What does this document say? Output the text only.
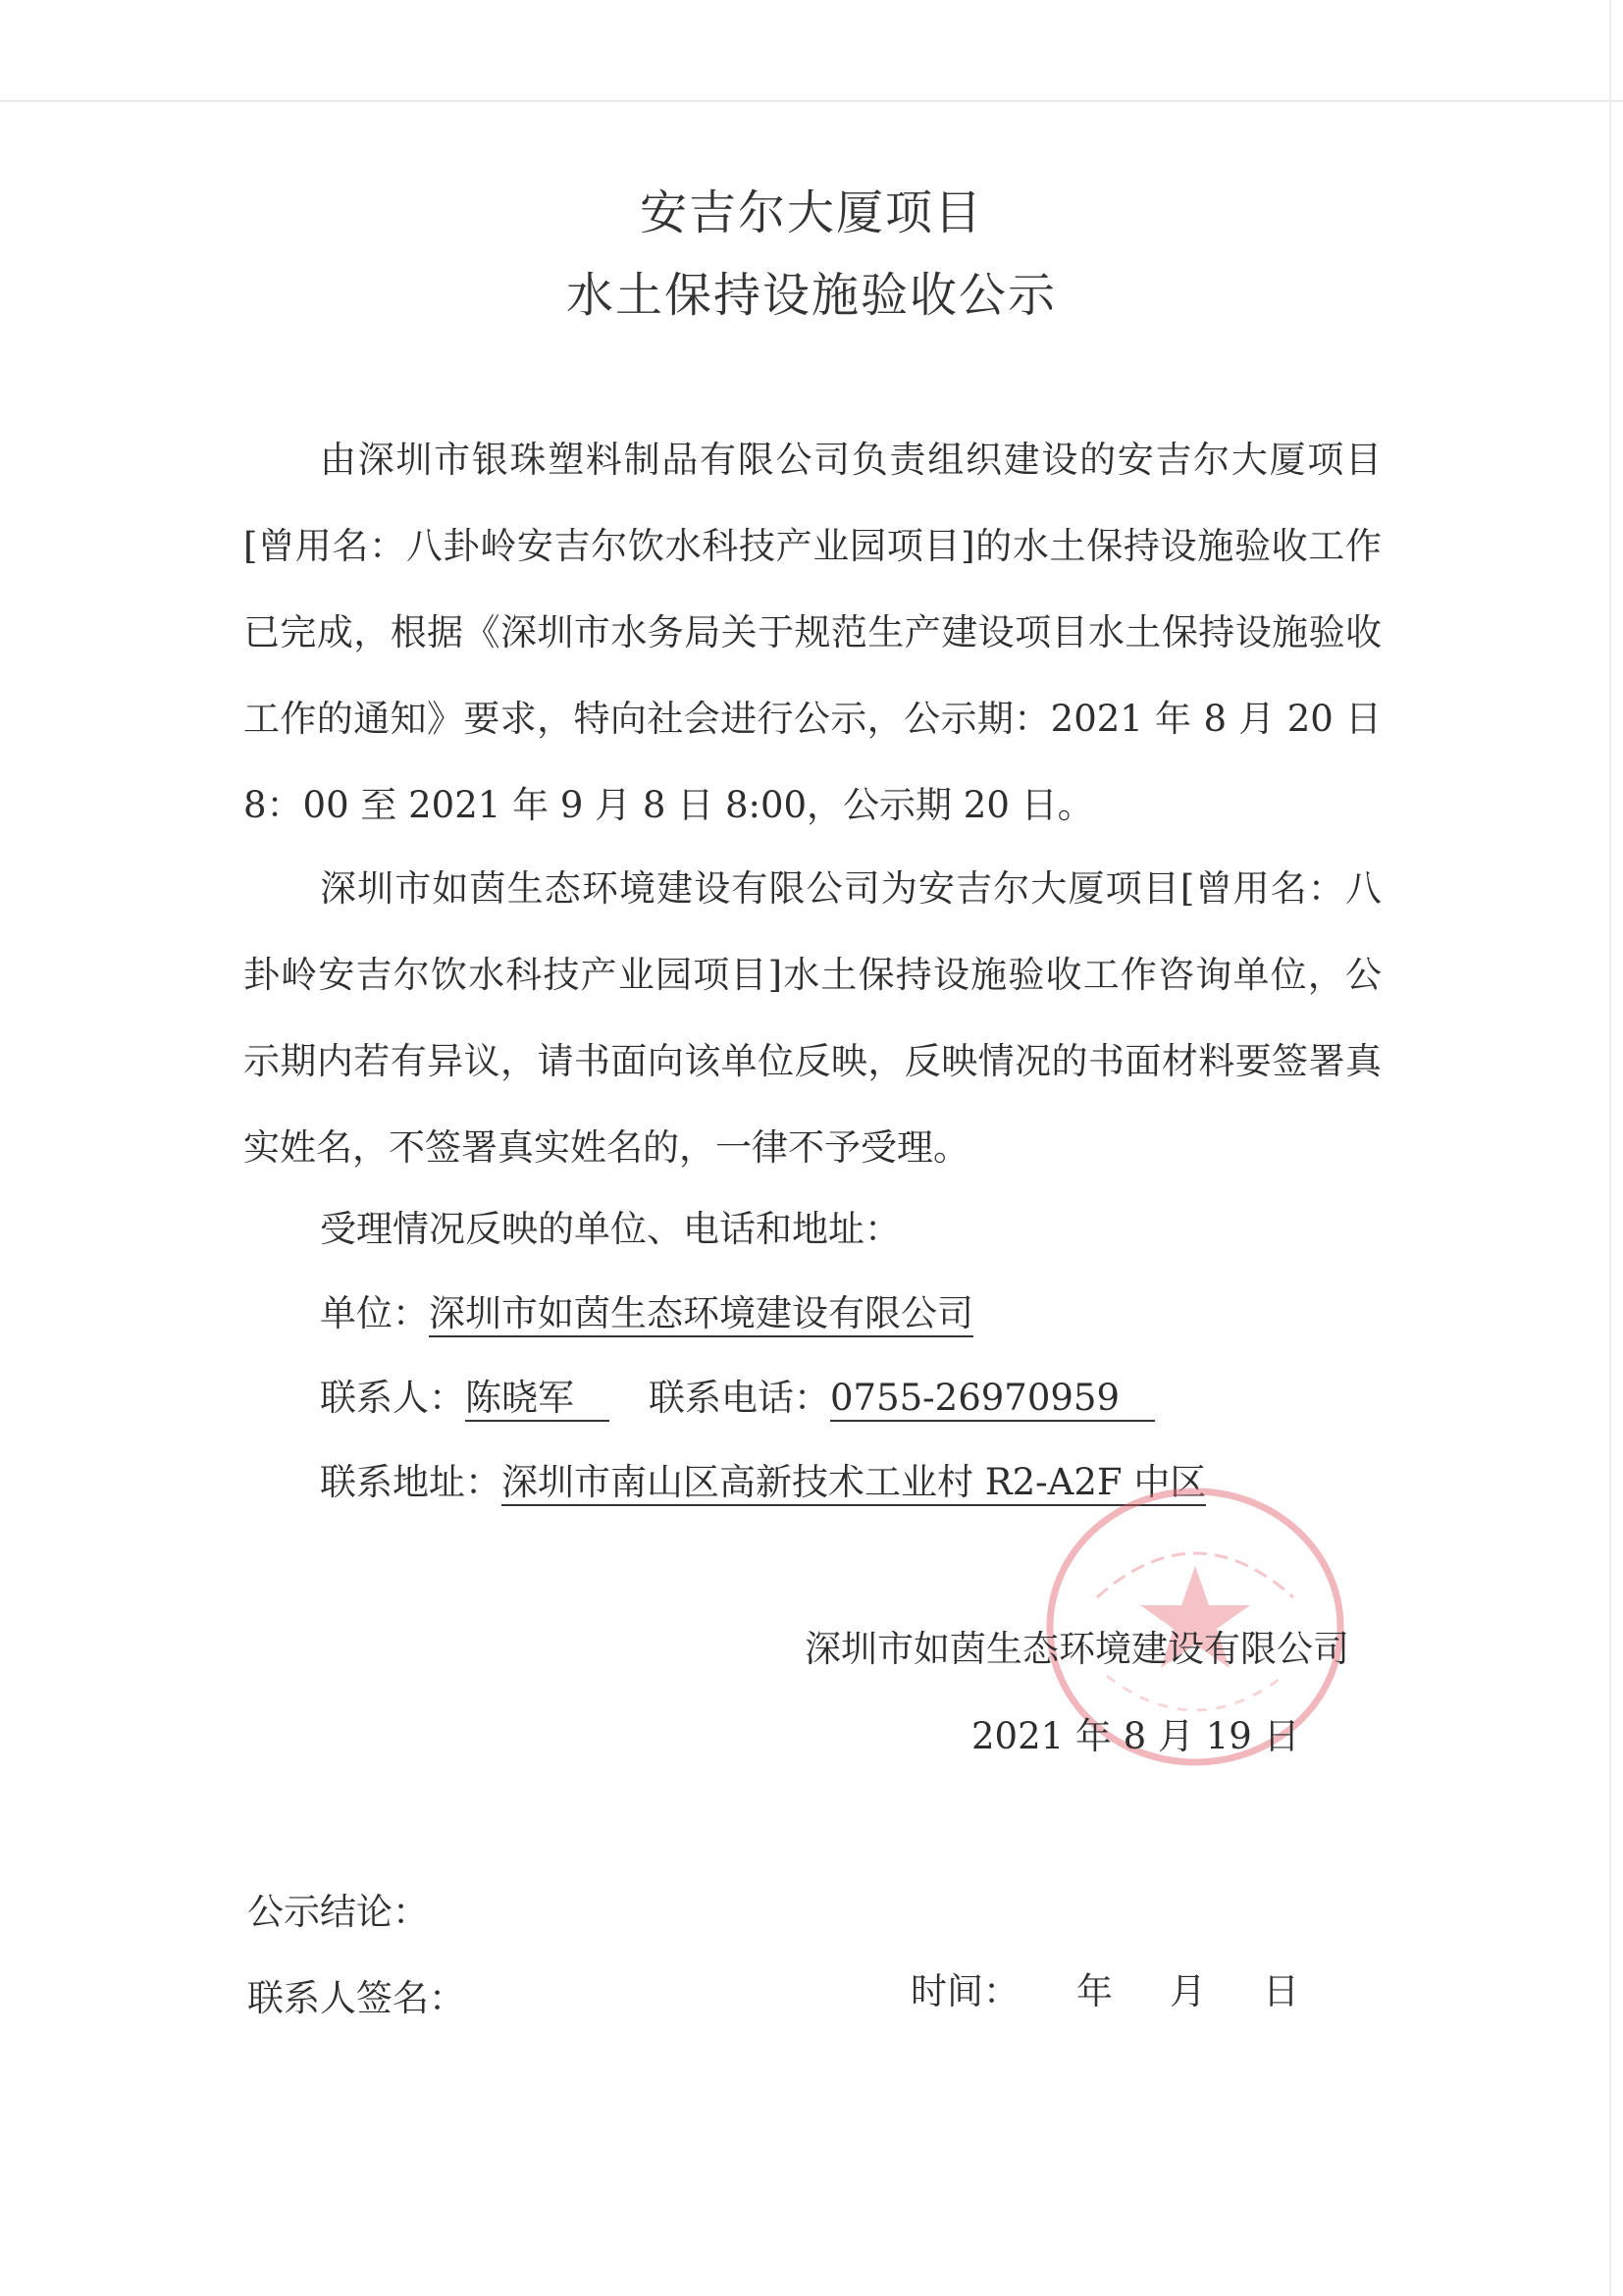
安吉尔大厦项目
水土保持设施验收公示
由深圳市银珠塑料制品有限公司负责组织建设的安吉尔大厦项目[曾用名：八卦岭安吉尔饮水科技产业园项目]的水土保持设施验收工作已完成，根据《深圳市水务局关于规范生产建设项目水土保持设施验收工作的通知》要求，特向社会进行公示，公示期：2021 年 8 月 20 日 8：00 至 2021 年 9 月 8 日 8:00，公示期 20 日。
深圳市如茵生态环境建设有限公司为安吉尔大厦项目[曾用名：八卦岭安吉尔饮水科技产业园项目]水土保持设施验收工作咨询单位，公示期内若有异议，请书面向该单位反映，反映情况的书面材料要签署真实姓名，不签署真实姓名的，一律不予受理。
受理情况反映的单位、电话和地址：
单位：深圳市如茵生态环境建设有限公司
联系人：陈晓军 联系电话：0755-26970959
联系地址：深圳市南山区高新技术工业村 R2-A2F 中区
深圳市如茵生态环境建设有限公司
2021 年 8 月 19 日
公示结论：
联系人签名：	时间： 年 月 日
